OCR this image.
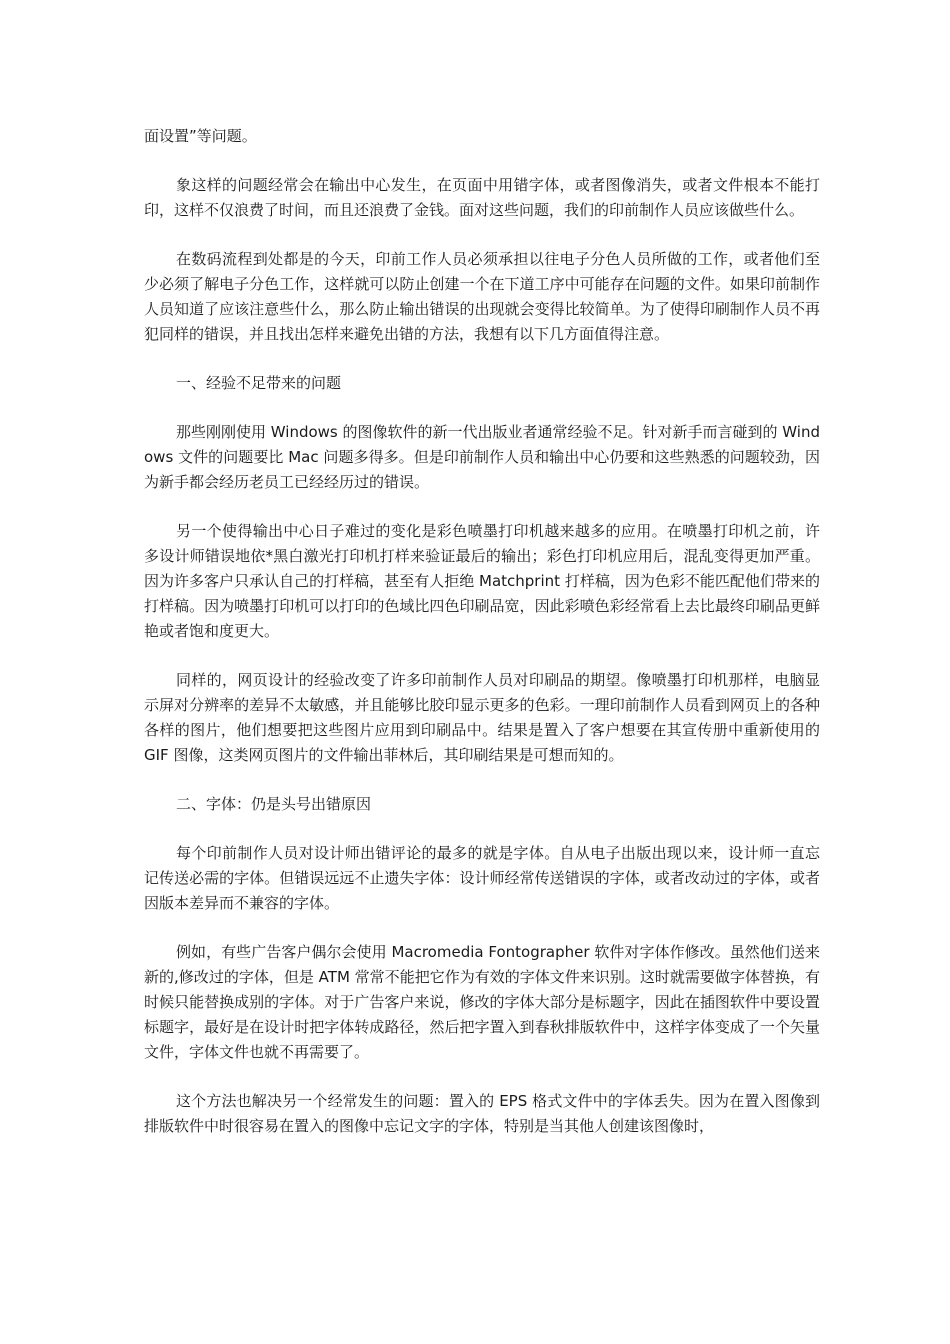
面设置”等问题。

象这样的问题经常会在输出中心发生，在页面中用错字体，或者图像消失，或者文件根本不能打印，这样不仅浪费了时间，而且还浪费了金钱。面对这些问题，我们的印前制作人员应该做些什么。

在数码流程到处都是的今天，印前工作人员必须承担以往电子分色人员所做的工作，或者他们至少必须了解电子分色工作，这样就可以防止创建一个在下道工序中可能存在问题的文件。如果印前制作人员知道了应该注意些什么，那么防止输出错误的出现就会变得比较简单。为了使得印刷制作人员不再犯同样的错误，并且找出怎样来避免出错的方法，我想有以下几方面值得注意。

一、经验不足带来的问题

那些刚刚使用 Windows 的图像软件的新一代出版业者通常经验不足。针对新手而言碰到的 Windows 文件的问题要比 Mac 问题多得多。但是印前制作人员和输出中心仍要和这些熟悉的问题较劲，因为新手都会经历老员工已经经历过的错误。

另一个使得输出中心日子难过的变化是彩色喷墨打印机越来越多的应用。在喷墨打印机之前，许多设计师错误地依*黑白激光打印机打样来验证最后的输出；彩色打印机应用后，混乱变得更加严重。因为许多客户只承认自己的打样稿，甚至有人拒绝 Matchprint 打样稿，因为色彩不能匹配他们带来的打样稿。因为喷墨打印机可以打印的色域比四色印刷品宽，因此彩喷色彩经常看上去比最终印刷品更鲜艳或者饱和度更大。

同样的，网页设计的经验改变了许多印前制作人员对印刷品的期望。像喷墨打印机那样，电脑显示屏对分辨率的差异不太敏感，并且能够比胶印显示更多的色彩。一理印前制作人员看到网页上的各种各样的图片，他们想要把这些图片应用到印刷品中。结果是置入了客户想要在其宣传册中重新使用的 GIF 图像，这类网页图片的文件输出菲林后，其印刷结果是可想而知的。

二、字体：仍是头号出错原因

每个印前制作人员对设计师出错评论的最多的就是字体。自从电子出版出现以来，设计师一直忘记传送必需的字体。但错误远远不止遗失字体：设计师经常传送错误的字体，或者改动过的字体，或者因版本差异而不兼容的字体。

例如，有些广告客户偶尔会使用 Macromedia Fontographer 软件对字体作修改。虽然他们送来新的,修改过的字体，但是 ATM 常常不能把它作为有效的字体文件来识别。这时就需要做字体替换，有时候只能替换成别的字体。对于广告客户来说，修改的字体大部分是标题字，因此在插图软件中要设置标题字，最好是在设计时把字体转成路径，然后把字置入到春秋排版软件中，这样字体变成了一个矢量文件，字体文件也就不再需要了。

这个方法也解决另一个经常发生的问题：置入的 EPS 格式文件中的字体丢失。因为在置入图像到排版软件中时很容易在置入的图像中忘记文字的字体，特别是当其他人创建该图像时，
